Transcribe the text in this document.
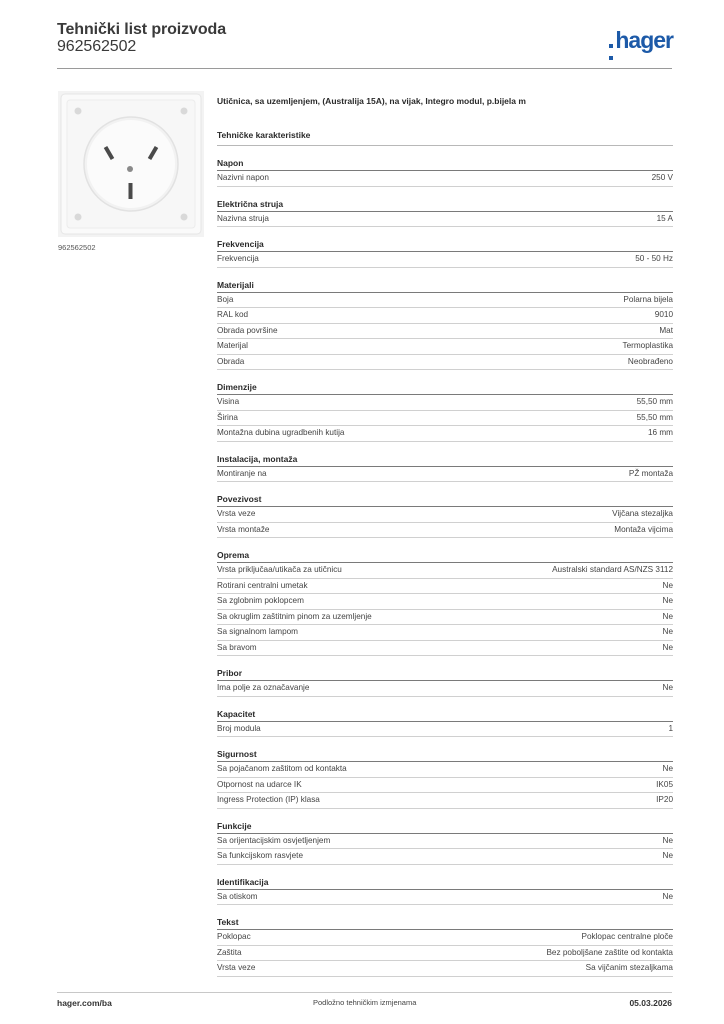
Tehnički list proizvoda
962562502	hager
962562502
Utičnica, sa uzemljenjem, (Australija 15A), na vijak, Integro modul, p.bijela m
Tehničke karakteristike
Napon
Nazivni napon	250 V
Električna struja
Nazivna struja	15 A
Frekvencija
Frekvencija	50 - 50 Hz
Materijali
Boja	Polarna bijela
RAL kod	9010
Obrada površine	Mat
Materijal	Termoplastika
Obrada	Neobrađeno
Dimenzije
Visina	55,50 mm
Širina	55,50 mm
Montažna dubina ugradbenih kutija	16 mm
Instalacija, montaža
Montiranje na	PŽ montaža
Povezivost
Vrsta veze	Vijčana stezaljka
Vrsta montaže	Montaža vijcima
Oprema
Vrsta priključaa/utikača za utičnicu	Australski standard AS/NZS 3112
Rotirani centralni umetak	Ne
Sa zglobnim poklopcem	Ne
Sa okruglim zaštitnim pinom za uzemljenje	Ne
Sa signalnom lampom	Ne
Sa bravom	Ne
Pribor
Ima polje za označavanje	Ne
Kapacitet
Broj modula	1
Sigurnost
Sa pojačanom zaštitom od kontakta	Ne
Otpornost na udarce IK	IK05
Ingress Protection (IP) klasa	IP20
Funkcije
Sa orijentacijskim osvjetljenjem	Ne
Sa funkcijskom rasvjete	Ne
Identifikacija
Sa otiskom	Ne
Tekst
Poklopac	Poklopac centralne ploče
Zaštita	Bez poboljšane zaštite od kontakta
Vrsta veze	Sa vijčanim stezaljkama
hager.com/ba	Podložno tehničkim izmjenama	05.03.2026
